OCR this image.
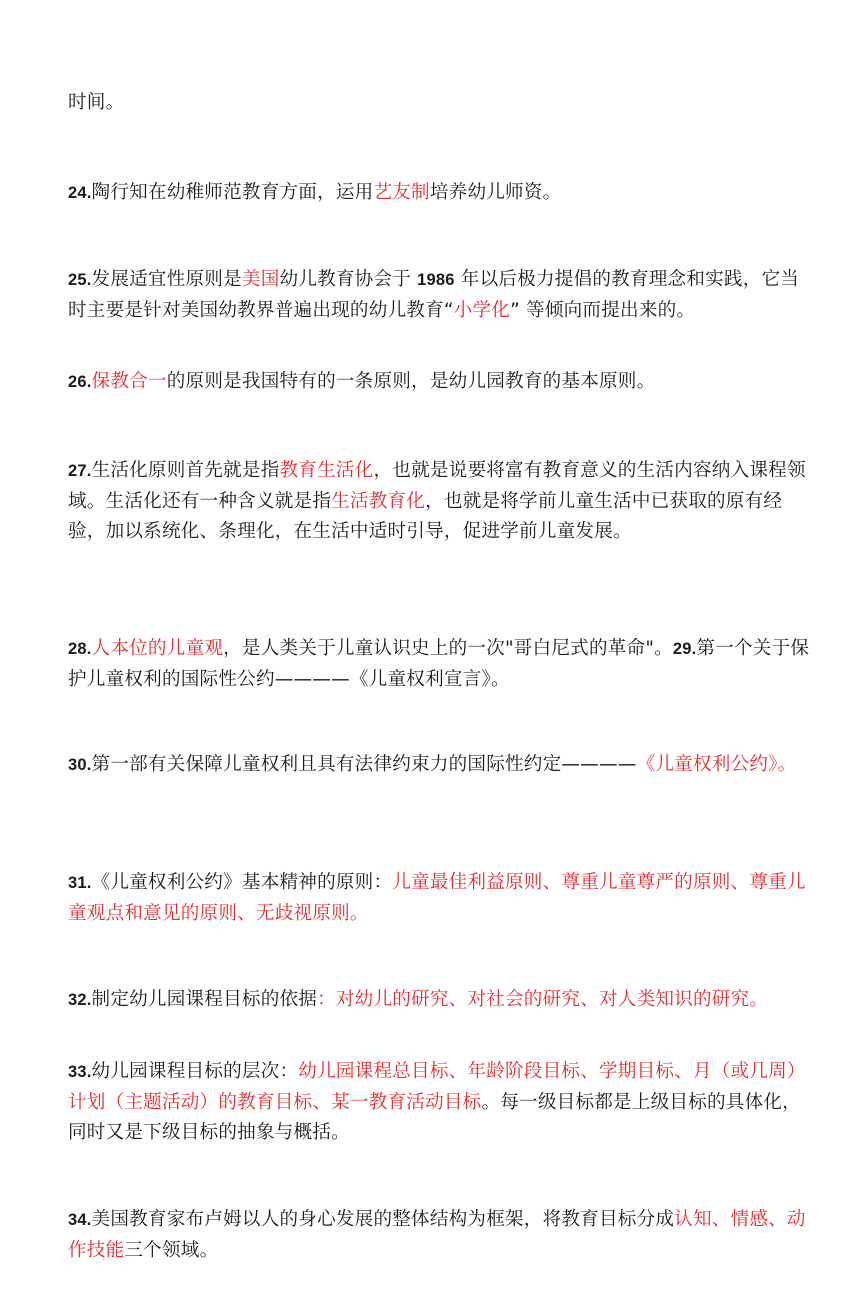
时间。

24.陶行知在幼稚师范教育方面，运用艺友制培养幼儿师资。

25.发展适宜性原则是美国幼儿教育协会于 1986 年以后极力提倡的教育理念和实践，它当时主要是针对美国幼教界普遍出现的幼儿教育“小学化” 等倾向而提出来的。

26.保教合一的原则是我国特有的一条原则，是幼儿园教育的基本原则。

27.生活化原则首先就是指教育生活化，也就是说要将富有教育意义的生活内容纳入课程领域。生活化还有一种含义就是指生活教育化，也就是将学前儿童生活中已获取的原有经验，加以系统化、条理化，在生活中适时引导，促进学前儿童发展。

28.人本位的儿童观，是人类关于儿童认识史上的一次"哥白尼式的革命"。29.第一个关于保护儿童权利的国际性公约————《儿童权利宣言》。

30.第一部有关保障儿童权利且具有法律约束力的国际性约定————《儿童权利公约》。

31.《儿童权利公约》基本精神的原则：儿童最佳利益原则、尊重儿童尊严的原则、尊重儿童观点和意见的原则、无歧视原则。

32.制定幼儿园课程目标的依据：对幼儿的研究、对社会的研究、对人类知识的研究。

33.幼儿园课程目标的层次：幼儿园课程总目标、年龄阶段目标、学期目标、月（或几周）计划（主题活动）的教育目标、某一教育活动目标。每一级目标都是上级目标的具体化，同时又是下级目标的抽象与概括。

34.美国教育家布卢姆以人的身心发展的整体结构为框架，将教育目标分成认知、情感、动作技能三个领域。
